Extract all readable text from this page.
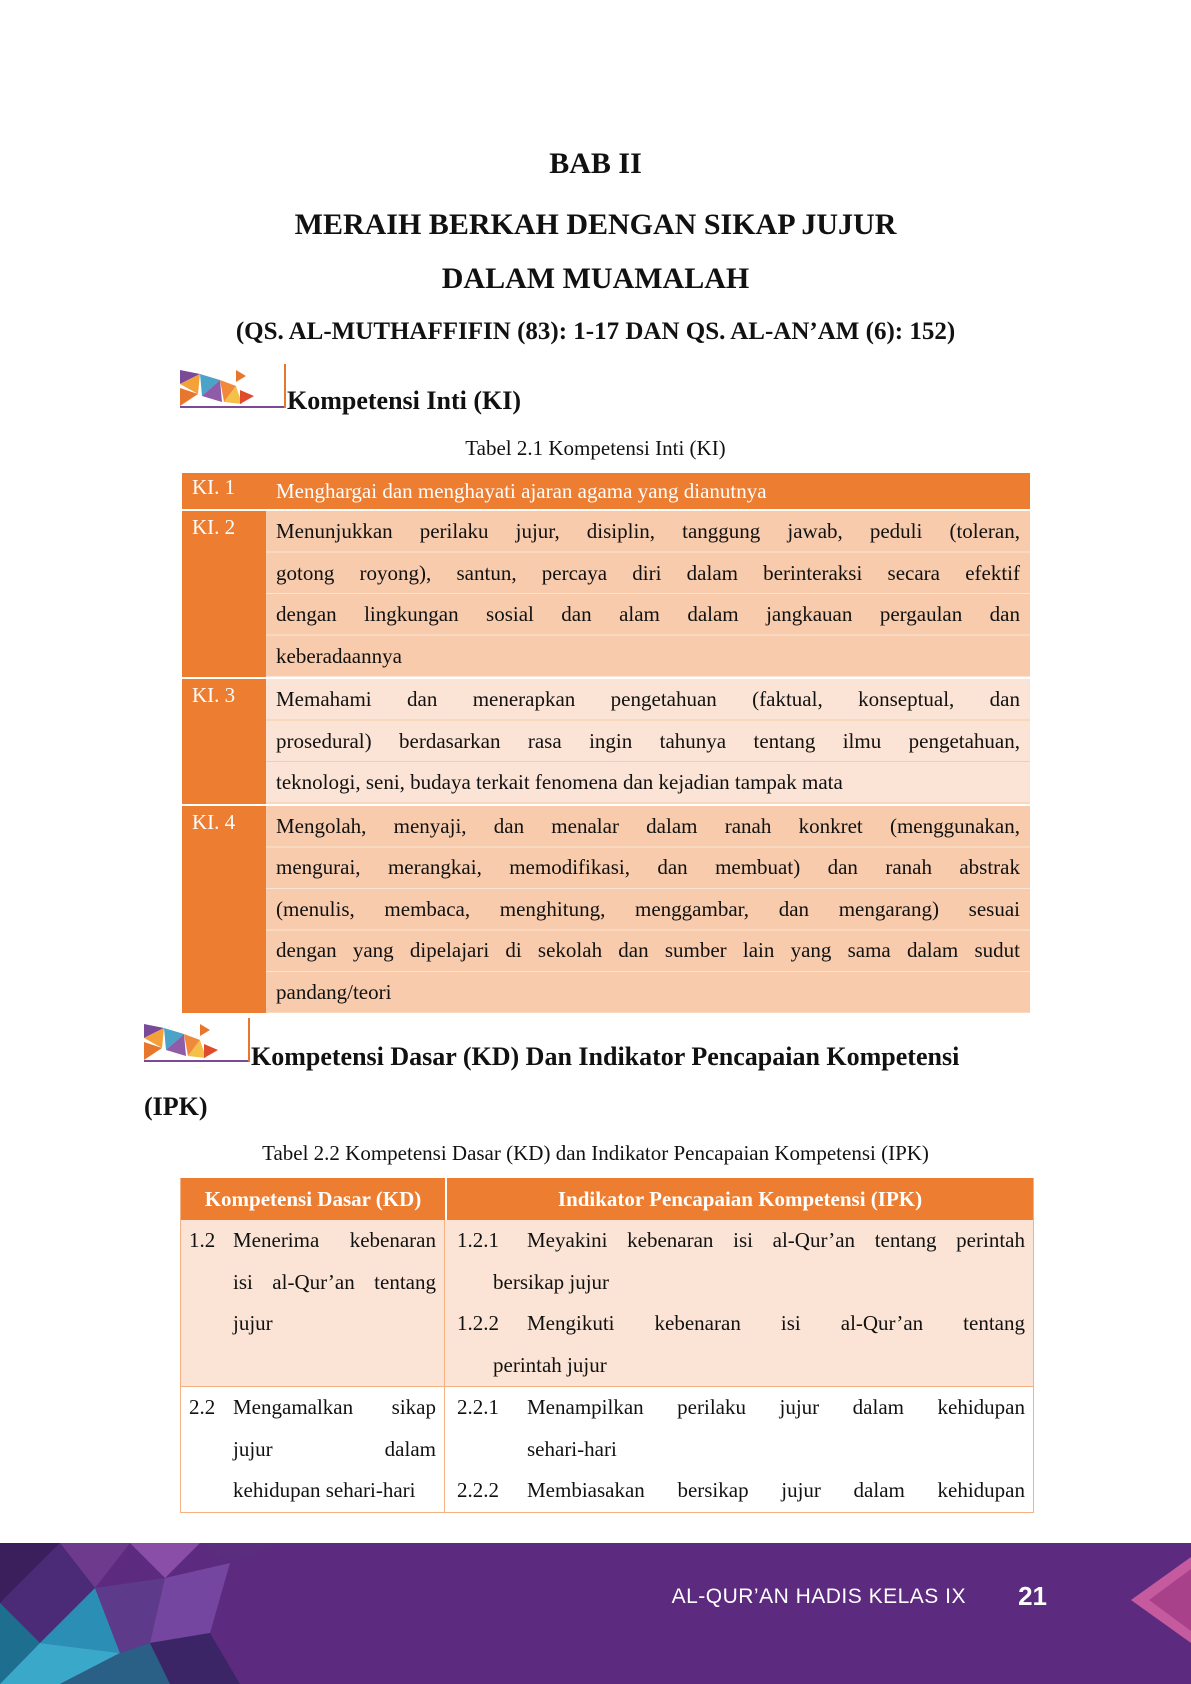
BAB II
MERAIH BERKAH DENGAN SIKAP JUJUR
DALAM MUAMALAH
(QS. AL-MUTHAFFIFIN (83): 1-17 DAN QS. AL-AN’AM (6): 152)
Kompetensi Inti (KI)
Tabel 2.1 Kompetensi Inti (KI)
KI. 1	Menghargai dan menghayati ajaran agama yang dianutnya
KI. 2	Menunjukkan perilaku jujur, disiplin, tanggung jawab, peduli (toleran,
gotong royong), santun, percaya diri dalam berinteraksi secara efektif
dengan lingkungan sosial dan alam dalam jangkauan pergaulan dan
keberadaannya
KI. 3	Memahami dan menerapkan pengetahuan (faktual, konseptual, dan
prosedural) berdasarkan rasa ingin tahunya tentang ilmu pengetahuan,
teknologi, seni, budaya terkait fenomena dan kejadian tampak mata
KI. 4	Mengolah, menyaji, dan menalar dalam ranah konkret (menggunakan,
mengurai, merangkai, memodifikasi, dan membuat) dan ranah abstrak
(menulis, membaca, menghitung, menggambar, dan mengarang) sesuai
dengan yang dipelajari di sekolah dan sumber lain yang sama dalam sudut
pandang/teori
Kompetensi Dasar (KD) Dan Indikator Pencapaian Kompetensi
(IPK)
Tabel 2.2 Kompetensi Dasar (KD) dan Indikator Pencapaian Kompetensi (IPK)
Kompetensi Dasar (KD)	Indikator Pencapaian Kompetensi (IPK)
1.2 Menerima kebenaran
isi al-Qur’an tentang
jujur
1.2.1	Meyakini kebenaran isi al-Qur’an tentang perintah
bersikap jujur
1.2.2	Mengikuti kebenaran isi al-Qur’an tentang
perintah jujur
2.2 Mengamalkan sikap
jujur dalam
kehidupan sehari-hari
2.2.1	Menampilkan perilaku jujur dalam kehidupan
sehari-hari
2.2.2	Membiasakan bersikap jujur dalam kehidupan
AL-QUR’AN HADIS KELAS IX 21
